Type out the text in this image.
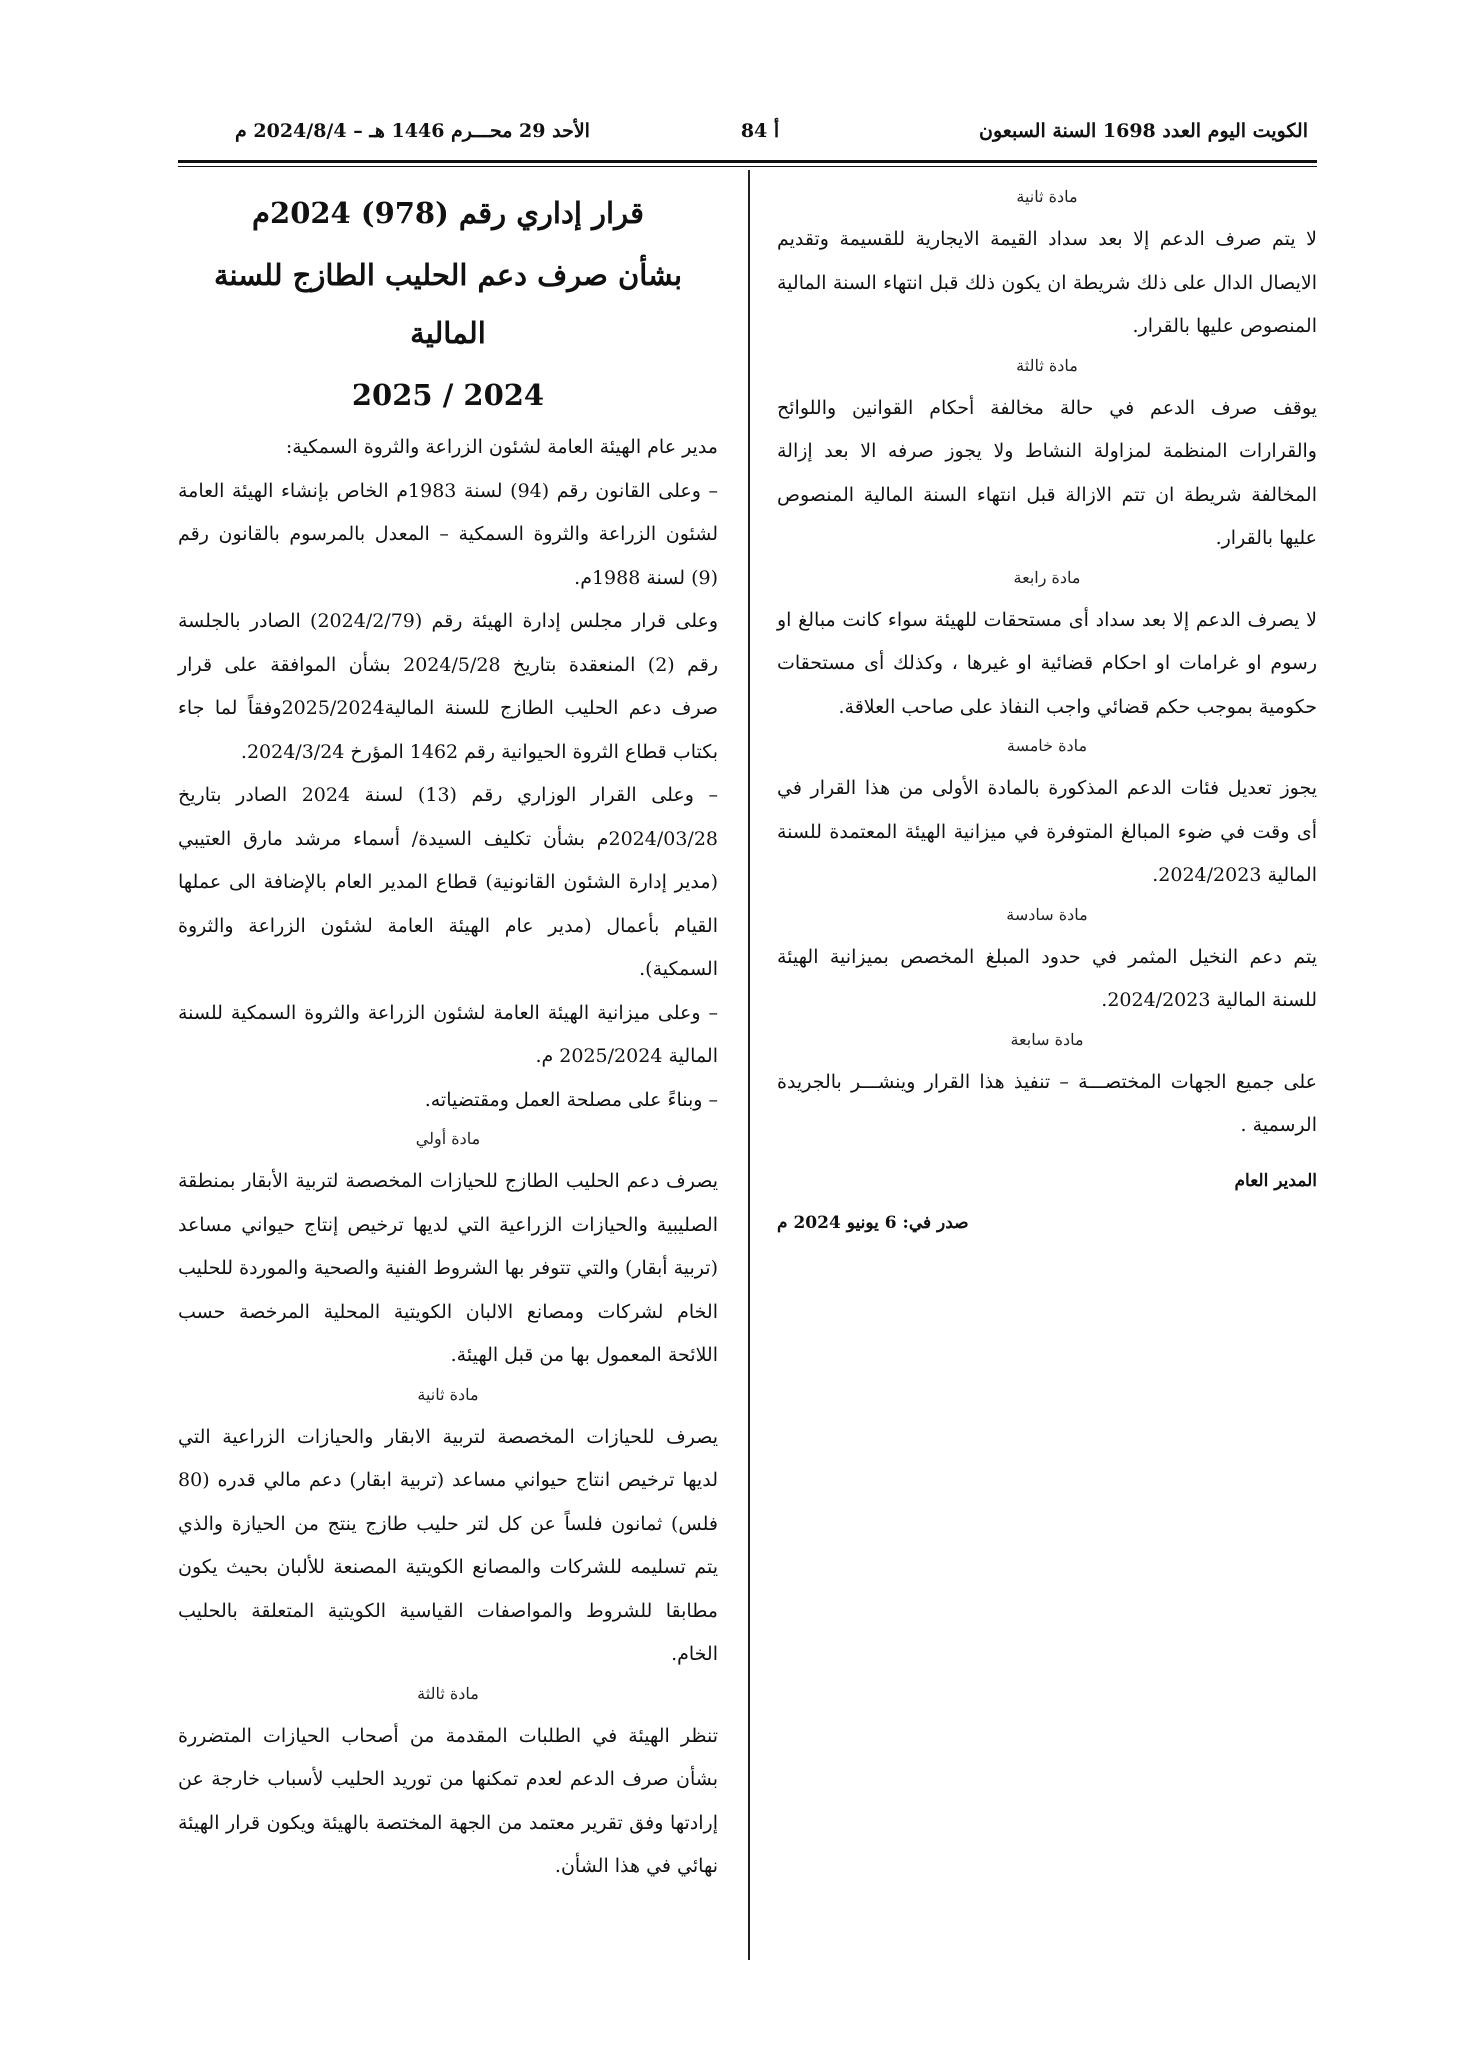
الكويت اليوم العدد 1698 السنة السبعون
أ 84
الأحد 29 محـــرم 1446 هـ – 2024/8/4 م
مادة ثانية

لا يتم صرف الدعم إلا بعد سداد القيمة الايجارية للقسيمة وتقديم الايصال الدال على ذلك شريطة ان يكون ذلك قبل انتهاء السنة المالية المنصوص عليها بالقرار.

مادة ثالثة

يوقف صرف الدعم في حالة مخالفة أحكام القوانين واللوائح والقرارات المنظمة لمزاولة النشاط ولا يجوز صرفه الا بعد إزالة المخالفة شريطة ان تتم الازالة قبل انتهاء السنة المالية المنصوص عليها بالقرار.

مادة رابعة

لا يصرف الدعم إلا بعد سداد أى مستحقات للهيئة سواء كانت مبالغ او رسوم او غرامات او احكام قضائية او غيرها ، وكذلك أى مستحقات حكومية بموجب حكم قضائي واجب النفاذ على صاحب العلاقة.

مادة خامسة

يجوز تعديل فئات الدعم المذكورة بالمادة الأولى من هذا القرار في أى وقت في ضوء المبالغ المتوفرة في ميزانية الهيئة المعتمدة للسنة المالية 2024/2023.

مادة سادسة

يتم دعم النخيل المثمر في حدود المبلغ المخصص بميزانية الهيئة للسنة المالية 2024/2023.

مادة سابعة

على جميع الجهات المختصـــة – تنفيذ هذا القرار وينشـــر بالجريدة الرسمية .

المدير العام
صدر في: 6 يونيو 2024 م
قرار إداري رقم (978) 2024م
بشأن صرف دعم الحليب الطازج للسنة المالية
2024 / 2025

مدير عام الهيئة العامة لشئون الزراعة والثروة السمكية:

– وعلى القانون رقم (94) لسنة 1983م الخاص بإنشاء الهيئة العامة لشئون الزراعة والثروة السمكية – المعدل بالمرسوم بالقانون رقم (9) لسنة 1988م.

وعلى قرار مجلس إدارة الهيئة رقم (2024/2/79) الصادر بالجلسة رقم (2) المنعقدة بتاريخ 2024/5/28 بشأن الموافقة على قرار صرف دعم الحليب الطازج للسنة المالية2025/2024وفقاً لما جاء بكتاب قطاع الثروة الحيوانية رقم 1462 المؤرخ 2024/3/24.

– وعلى القرار الوزاري رقم (13) لسنة 2024 الصادر بتاريخ 2024/03/28م بشأن تكليف السيدة/ أسماء مرشد مارق العتيبي (مدير إدارة الشئون القانونية) قطاع المدير العام بالإضافة الى عملها القيام بأعمال (مدير عام الهيئة العامة لشئون الزراعة والثروة السمكية).

– وعلى ميزانية الهيئة العامة لشئون الزراعة والثروة السمكية للسنة المالية 2025/2024 م.

– وبناءً على مصلحة العمل ومقتضياته.

مادة أولي

يصرف دعم الحليب الطازج للحيازات المخصصة لتربية الأبقار بمنطقة الصليبية والحيازات الزراعية التي لديها ترخيص إنتاج حيواني مساعد (تربية أبقار) والتي تتوفر بها الشروط الفنية والصحية والموردة للحليب الخام لشركات ومصانع الالبان الكويتية المحلية المرخصة حسب اللائحة المعمول بها من قبل الهيئة.

مادة ثانية

يصرف للحيازات المخصصة لتربية الابقار والحيازات الزراعية التي لديها ترخيص انتاج حيواني مساعد (تربية ابقار) دعم مالي قدره (80 فلس) ثمانون فلساً عن كل لتر حليب طازج ينتج من الحيازة والذي يتم تسليمه للشركات والمصانع الكويتية المصنعة للألبان بحيث يكون مطابقا للشروط والمواصفات القياسية الكويتية المتعلقة بالحليب الخام.

مادة ثالثة

تنظر الهيئة في الطلبات المقدمة من أصحاب الحيازات المتضررة بشأن صرف الدعم لعدم تمكنها من توريد الحليب لأسباب خارجة عن إرادتها وفق تقرير معتمد من الجهة المختصة بالهيئة ويكون قرار الهيئة نهائي في هذا الشأن.
